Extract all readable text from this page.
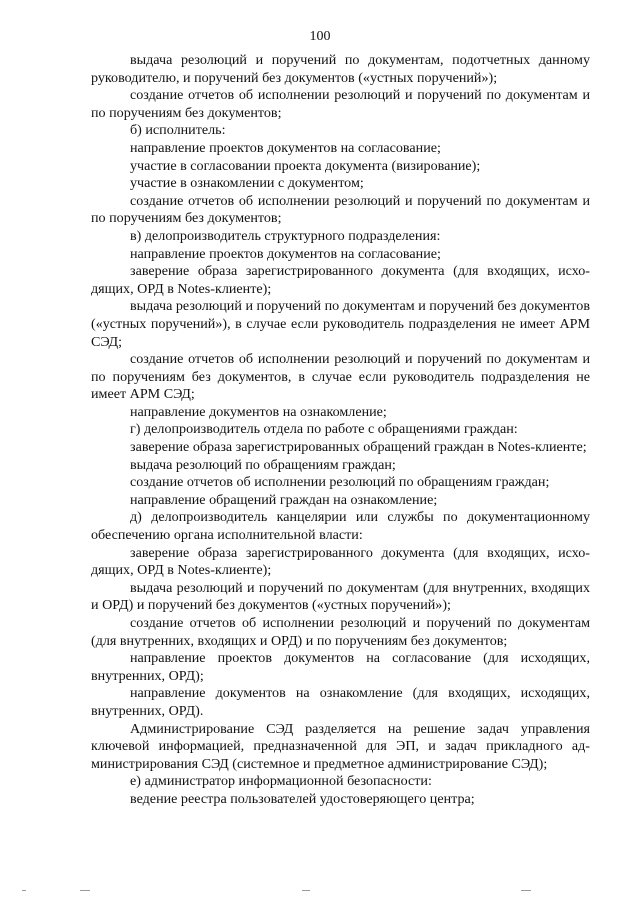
100

выдача резолюций и поручений по документам, подотчетных данному руководителю, и поручений без документов («устных поручений»);

создание отчетов об исполнении резолюций и поручений по документам и по поручениям без документов;

б) исполнитель:

направление проектов документов на согласование;

участие в согласовании проекта документа (визирование);

участие в ознакомлении с документом;

создание отчетов об исполнении резолюций и поручений по документам и по поручениям без документов;

в) делопроизводитель структурного подразделения:

направление проектов документов на согласование;

заверение образа зарегистрированного документа (для входящих, исходящих, ОРД в Notes-клиенте);

выдача резолюций и поручений по документам и поручений без документов («устных поручений»), в случае если руководитель подразделения не имеет АРМ СЭД;

создание отчетов об исполнении резолюций и поручений по документам и по поручениям без документов, в случае если руководитель подразделения не имеет АРМ СЭД;

направление документов на ознакомление;

г) делопроизводитель отдела по работе с обращениями граждан:

заверение образа зарегистрированных обращений граждан в Notes-клиенте;

выдача резолюций по обращениям граждан;

создание отчетов об исполнении резолюций по обращениям граждан;

направление обращений граждан на ознакомление;

д) делопроизводитель канцелярии или службы по документационному обеспечению органа исполнительной власти:

заверение образа зарегистрированного документа (для входящих, исходящих, ОРД в Notes-клиенте);

выдача резолюций и поручений по документам (для внутренних, входящих и ОРД) и поручений без документов («устных поручений»);

создание отчетов об исполнении резолюций и поручений по документам (для внутренних, входящих и ОРД) и по поручениям без документов;

направление проектов документов на согласование (для исходящих, внутренних, ОРД);

направление документов на ознакомление (для входящих, исходящих, внутренних, ОРД).

Администрирование СЭД разделяется на решение задач управления ключевой информацией, предназначенной для ЭП, и задач прикладного администрирования СЭД (системное и предметное администрирование СЭД);

е) администратор информационной безопасности:

ведение реестра пользователей удостоверяющего центра;
